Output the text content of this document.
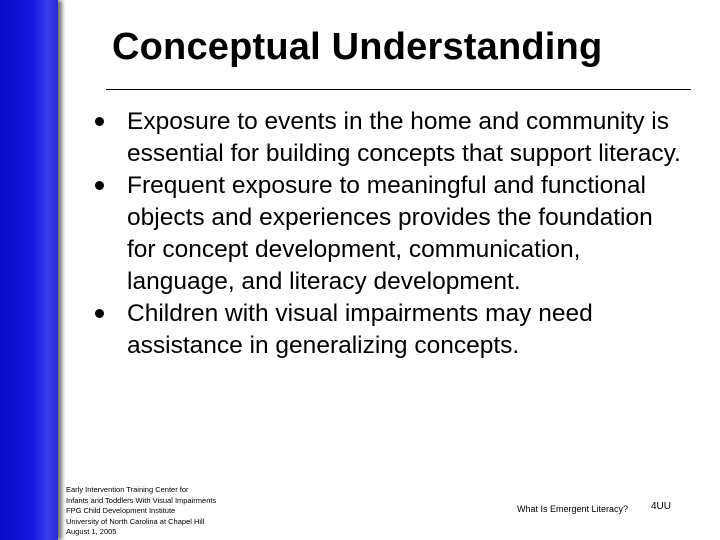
Conceptual Understanding
Exposure to events in the home and community is essential for building concepts that support literacy.
Frequent exposure to meaningful and functional objects and experiences provides the foundation for concept development, communication, language, and literacy development.
Children with visual impairments may need assistance in generalizing concepts.
Early Intervention Training Center for
Infants and Toddlers With Visual Impairments
FPG Child Development Institute
University of North Carolina at Chapel Hill
August 1, 2005
What Is Emergent Literacy? 4UU
